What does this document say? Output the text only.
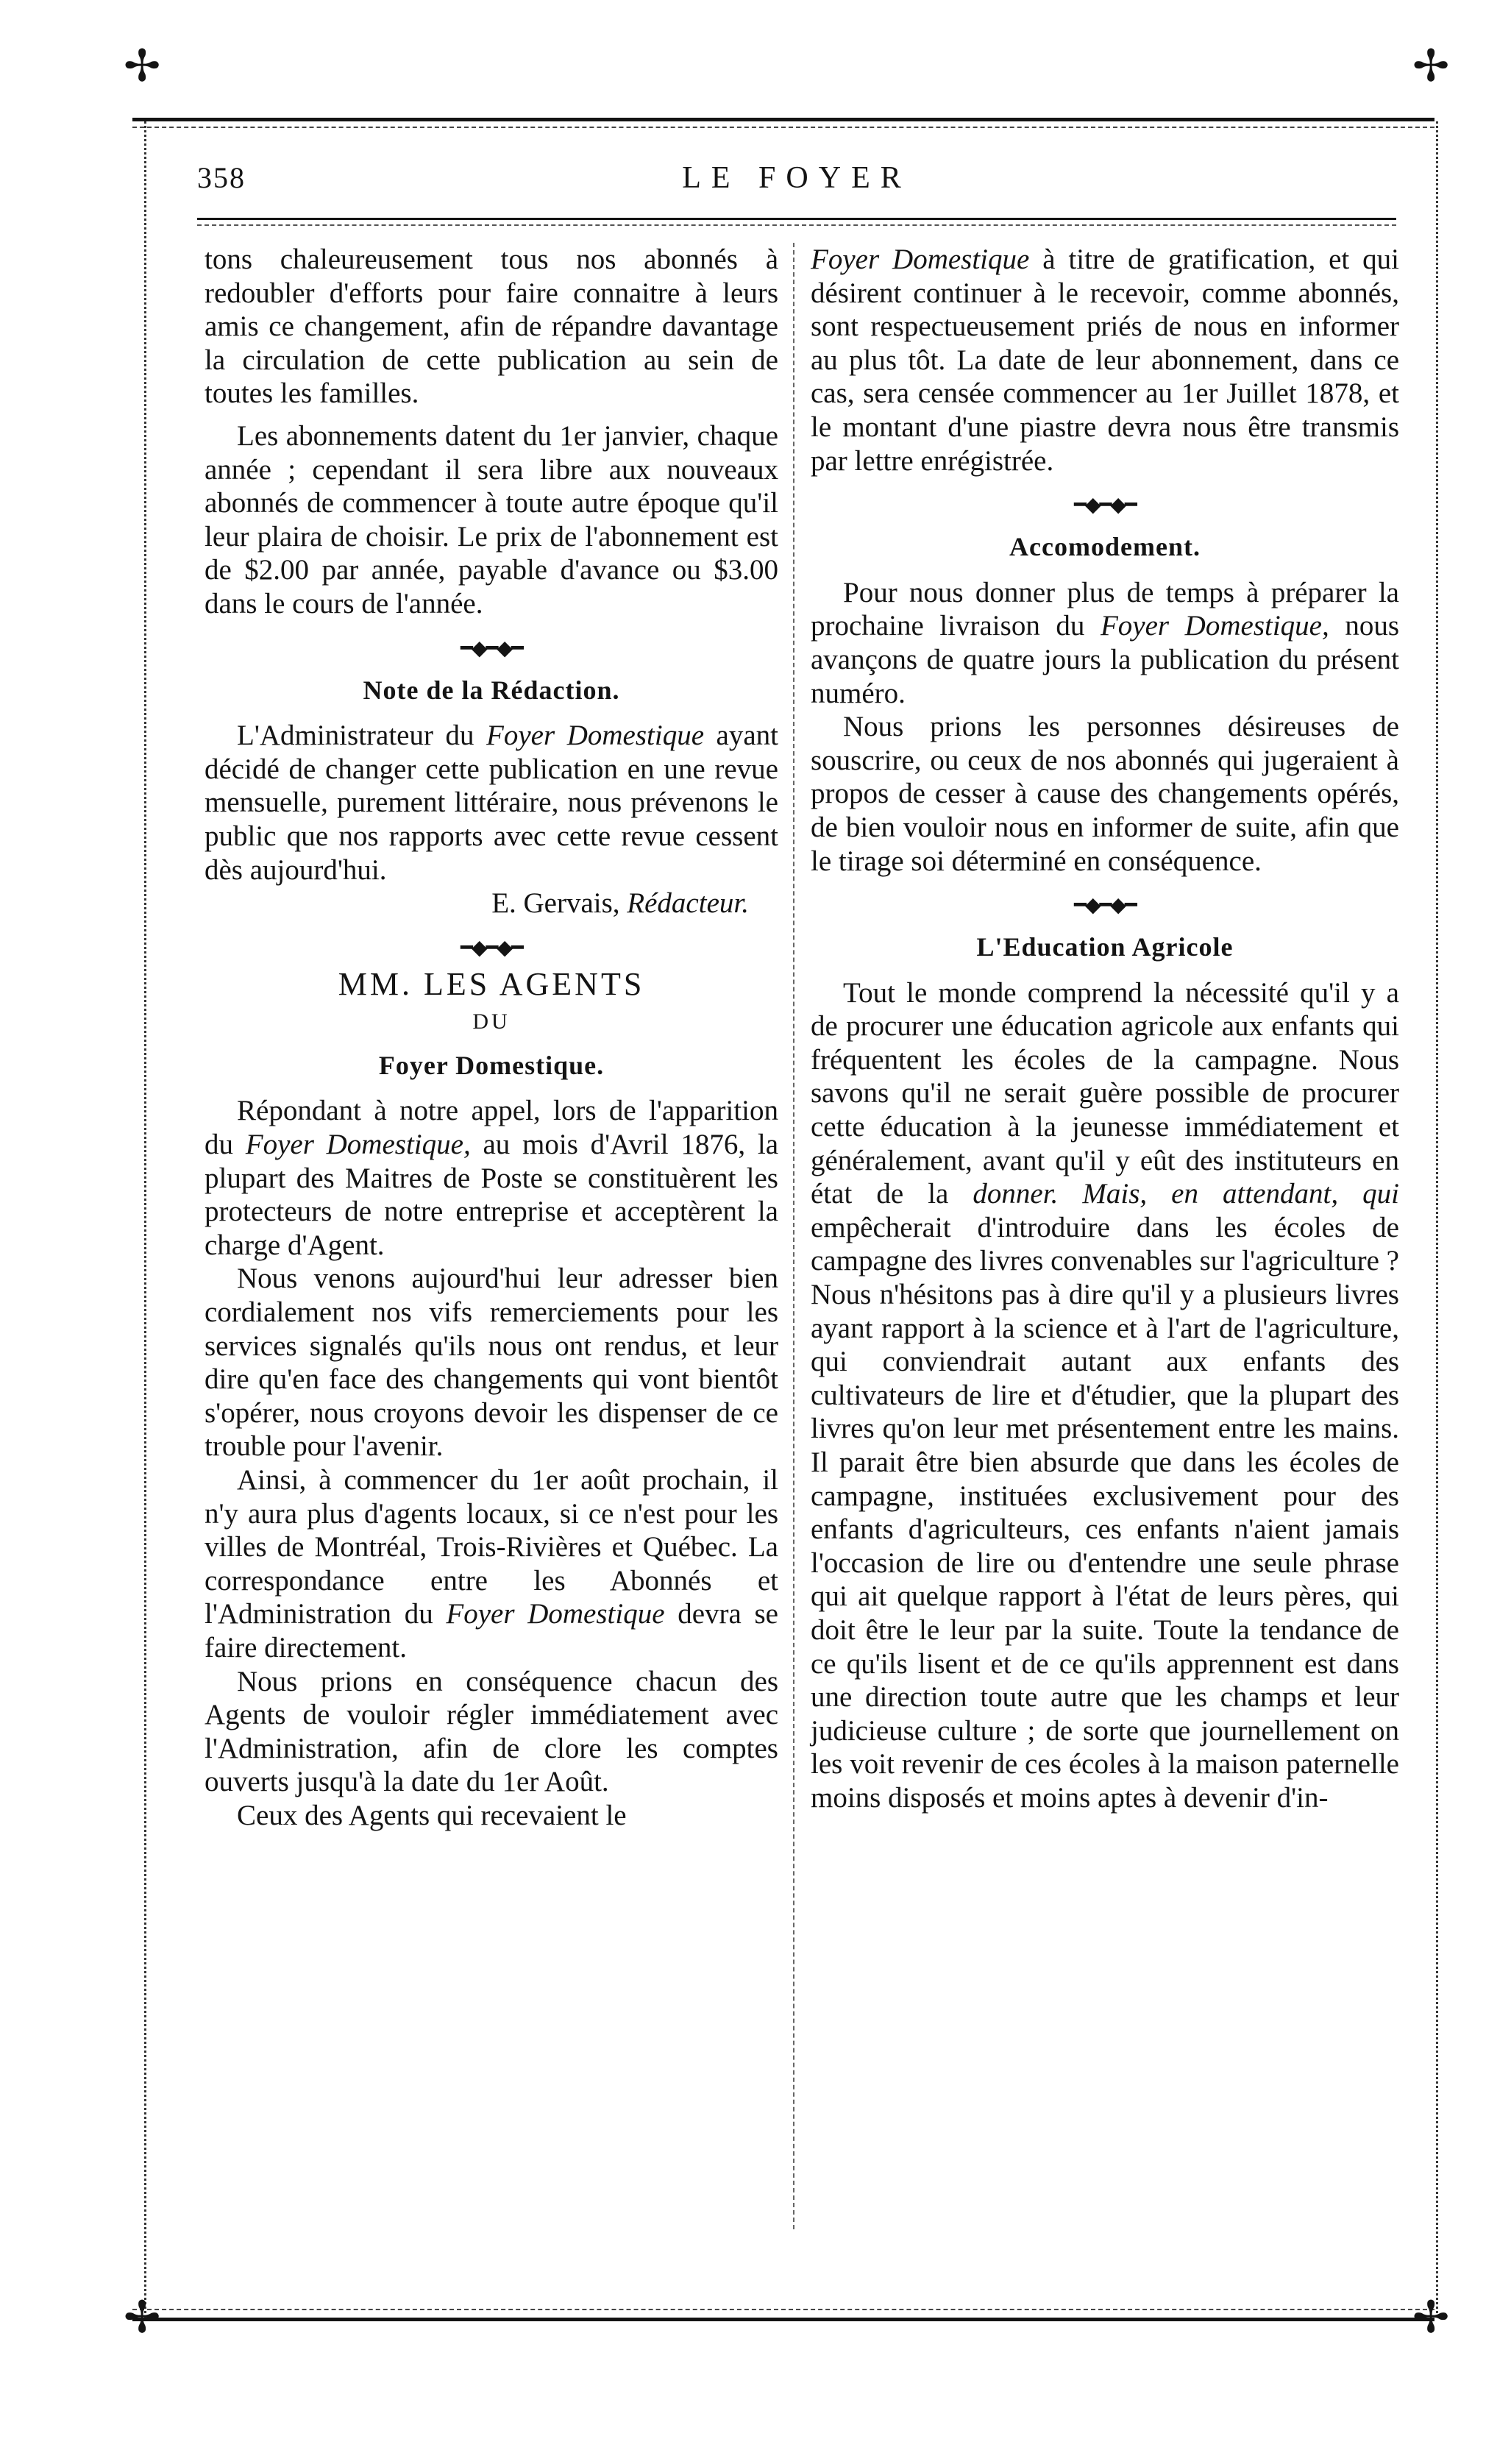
✢	✢
✢	✢
358	LE FOYER

tons chaleureusement tous nos abonnés à redoubler d'efforts pour faire connaitre à leurs amis ce changement, afin de répandre davantage la circulation de cette publication au sein de toutes les familles.

Les abonnements datent du 1er janvier, chaque année ; cependant il sera libre aux nouveaux abonnés de commencer à toute autre époque qu'il leur plaira de choisir. Le prix de l'abonnement est de $2.00 par année, payable d'avance ou $3.00 dans le cours de l'année.

━◆━◆━
Note de la Rédaction.

L'Administrateur du Foyer Domestique ayant décidé de changer cette publication en une revue mensuelle, purement littéraire, nous prévenons le public que nos rapports avec cette revue cessent dès aujourd'hui.

E. Gervais, Rédacteur.

━◆━◆━
MM. LES AGENTS
DU
Foyer Domestique.

Répondant à notre appel, lors de l'apparition du Foyer Domestique, au mois d'Avril 1876, la plupart des Maitres de Poste se constituèrent les protecteurs de notre entreprise et acceptèrent la charge d'Agent.

Nous venons aujourd'hui leur adresser bien cordialement nos vifs remerciements pour les services signalés qu'ils nous ont rendus, et leur dire qu'en face des changements qui vont bientôt s'opérer, nous croyons devoir les dispenser de ce trouble pour l'avenir.

Ainsi, à commencer du 1er août prochain, il n'y aura plus d'agents locaux, si ce n'est pour les villes de Montréal, Trois-Rivières et Québec. La correspondance entre les Abonnés et l'Administration du Foyer Domestique devra se faire directement.

Nous prions en conséquence chacun des Agents de vouloir régler immédiatement avec l'Administration, afin de clore les comptes ouverts jusqu'à la date du 1er Août.

Ceux des Agents qui recevaient le

Foyer Domestique à titre de gratification, et qui désirent continuer à le recevoir, comme abonnés, sont respectueusement priés de nous en informer au plus tôt. La date de leur abonnement, dans ce cas, sera censée commencer au 1er Juillet 1878, et le montant d'une piastre devra nous être transmis par lettre enrégistrée.

━◆━◆━
Accomodement.

Pour nous donner plus de temps à préparer la prochaine livraison du Foyer Domestique, nous avançons de quatre jours la publication du présent numéro.

Nous prions les personnes désireuses de souscrire, ou ceux de nos abonnés qui jugeraient à propos de cesser à cause des changements opérés, de bien vouloir nous en informer de suite, afin que le tirage soi déterminé en conséquence.

━◆━◆━
L'Education Agricole

Tout le monde comprend la nécessité qu'il y a de procurer une éducation agricole aux enfants qui fréquentent les écoles de la campagne. Nous savons qu'il ne serait guère possible de procurer cette éducation à la jeunesse immédiatement et généralement, avant qu'il y eût des instituteurs en état de la donner. Mais, en attendant, qui empêcherait d'introduire dans les écoles de campagne des livres convenables sur l'agriculture ? Nous n'hésitons pas à dire qu'il y a plusieurs livres ayant rapport à la science et à l'art de l'agriculture, qui conviendrait autant aux enfants des cultivateurs de lire et d'étudier, que la plupart des livres qu'on leur met présentement entre les mains. Il parait être bien absurde que dans les écoles de campagne, instituées exclusivement pour des enfants d'agriculteurs, ces enfants n'aient jamais l'occasion de lire ou d'entendre une seule phrase qui ait quelque rapport à l'état de leurs pères, qui doit être le leur par la suite. Toute la tendance de ce qu'ils lisent et de ce qu'ils apprennent est dans une direction toute autre que les champs et leur judicieuse culture ; de sorte que journellement on les voit revenir de ces écoles à la maison paternelle moins disposés et moins aptes à devenir d'in-
